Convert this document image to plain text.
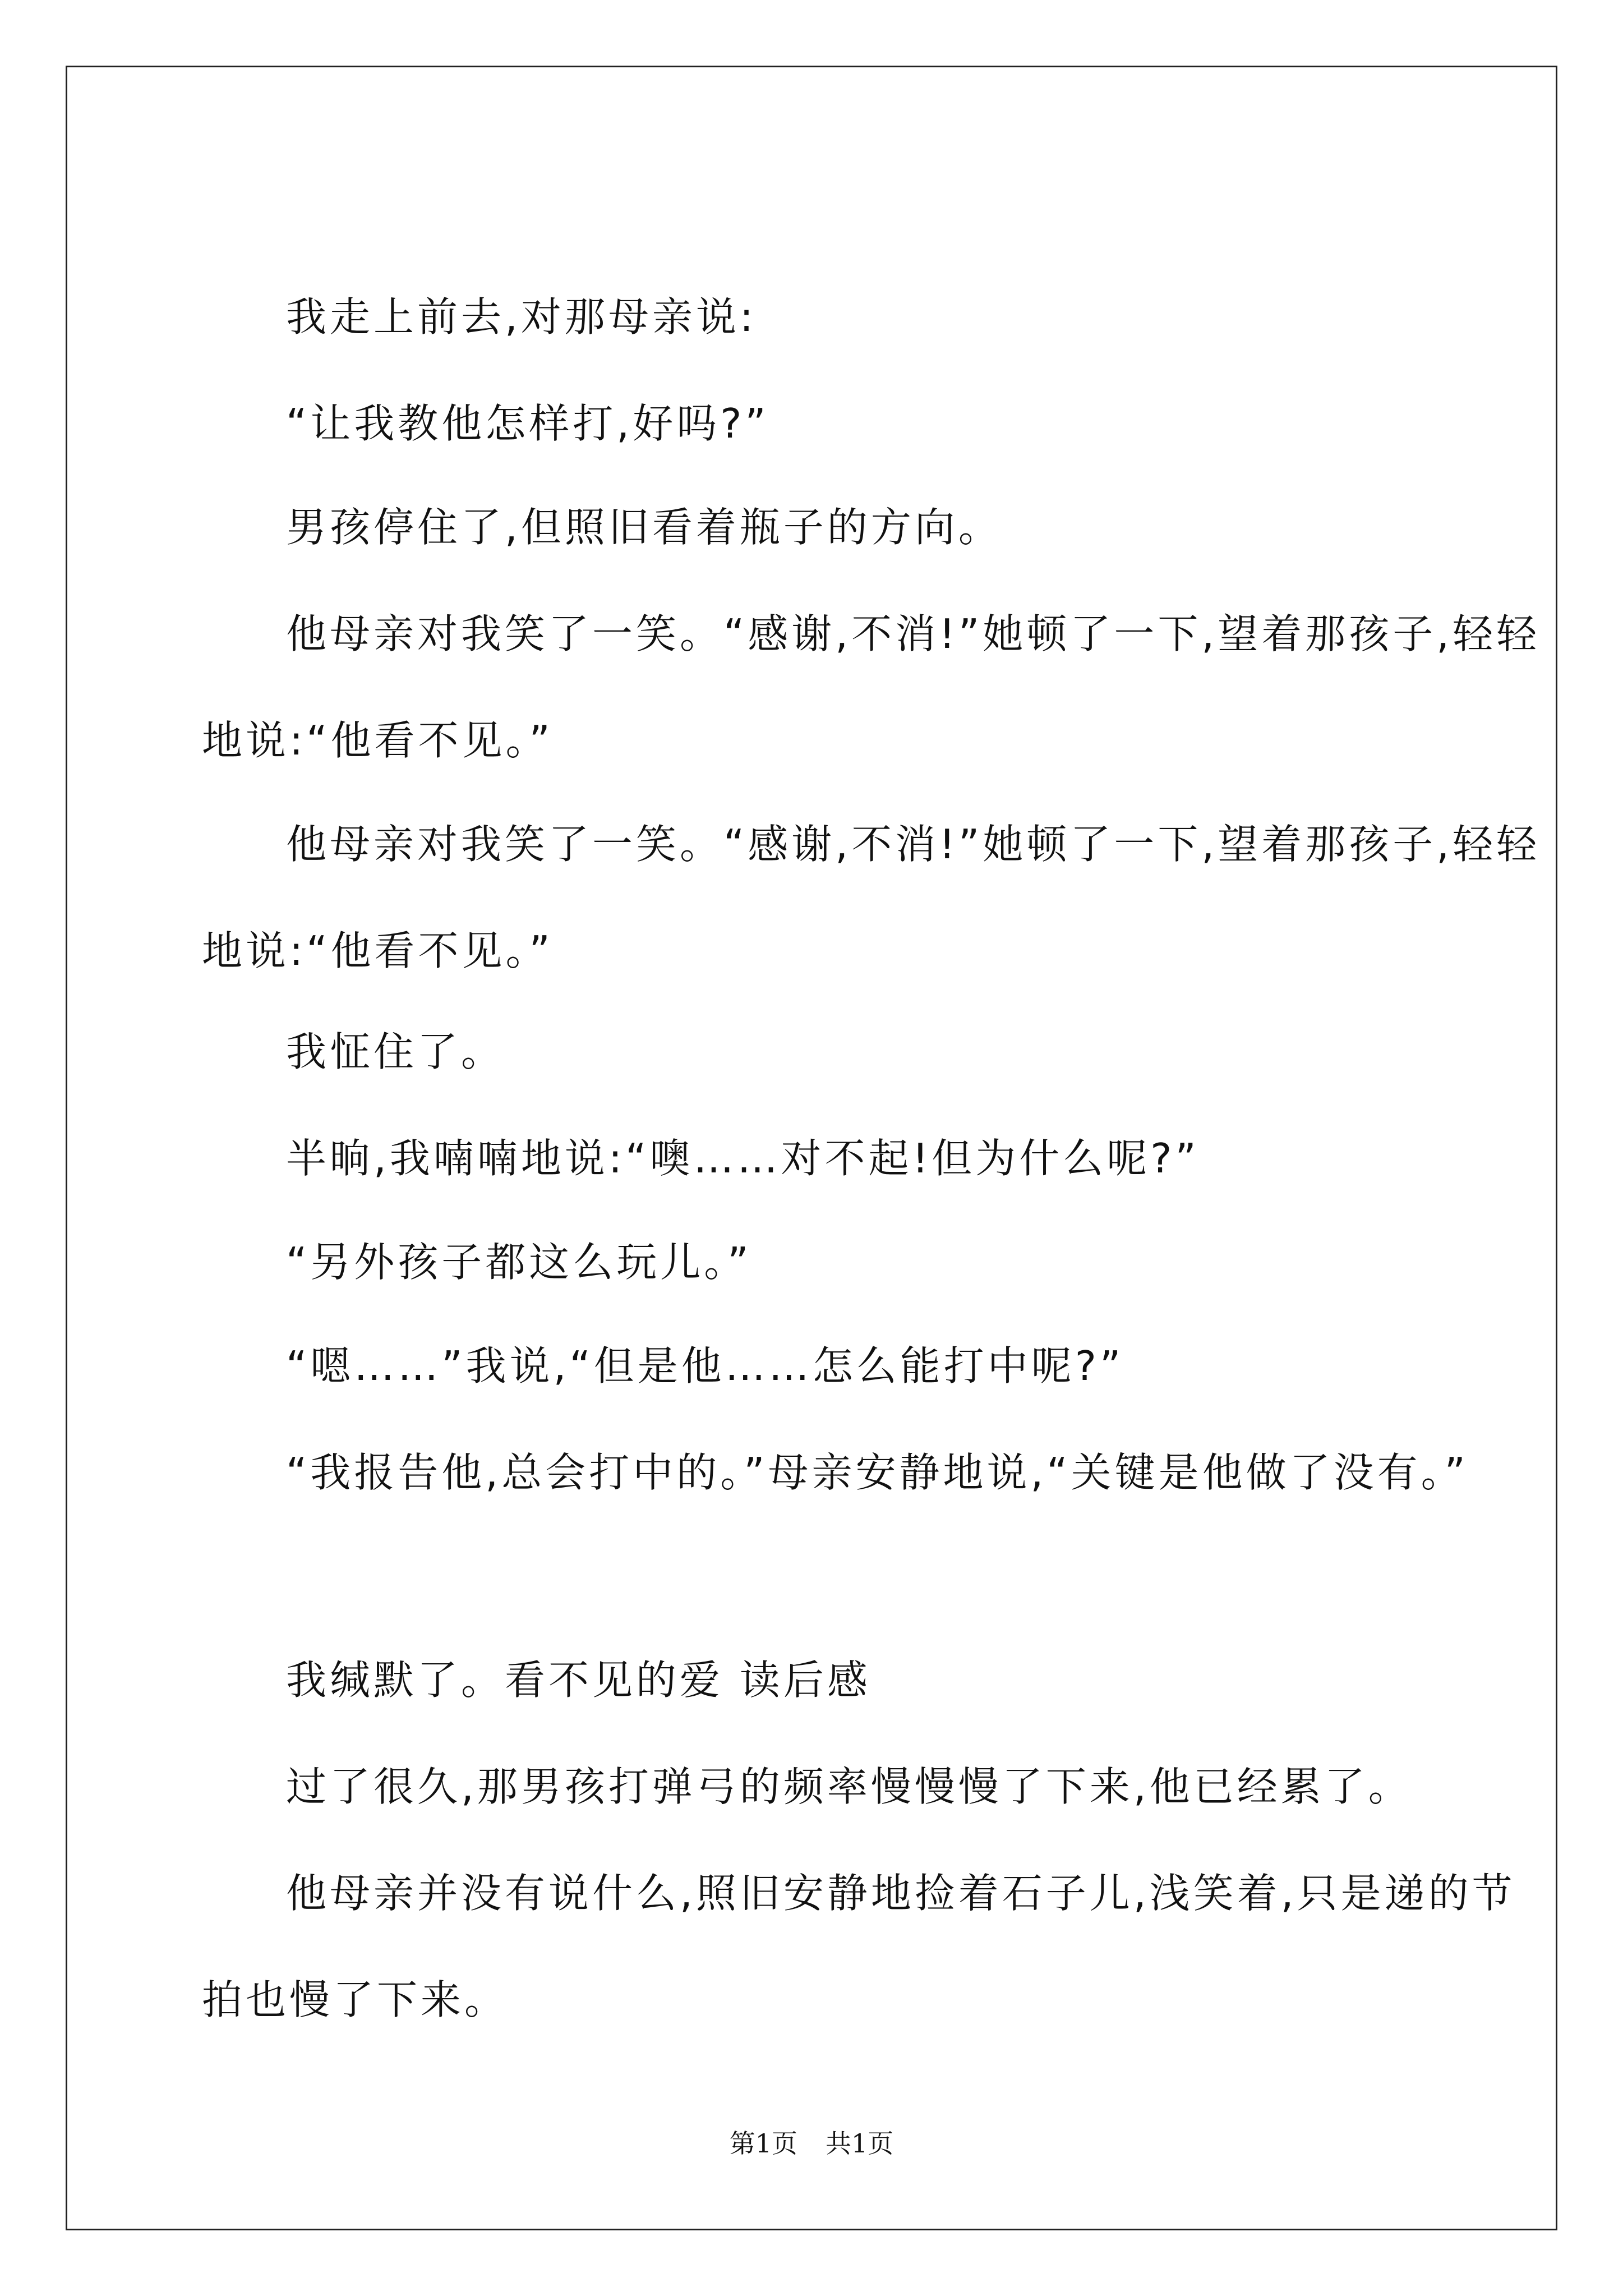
我走上前去,对那母亲说:

“让我教他怎样打,好吗?”

男孩停住了,但照旧看着瓶子的方向。

他母亲对我笑了一笑。“感谢,不消!”她顿了一下,望着那孩子,轻轻地说:“他看不见。”

他母亲对我笑了一笑。“感谢,不消!”她顿了一下,望着那孩子,轻轻地说:“他看不见。”

我怔住了。

半晌,我喃喃地说:“噢……对不起!但为什么呢?”

“另外孩子都这么玩儿。”

“嗯……”我说,“但是他……怎么能打中呢?”

“我报告他,总会打中的。”母亲安静地说,“关键是他做了没有。”

我缄默了。看不见的爱 读后感

过了很久,那男孩打弹弓的频率慢慢慢了下来,他已经累了。

他母亲并没有说什么,照旧安静地捡着石子儿,浅笑着,只是递的节拍也慢了下来。

第1页 共1页
